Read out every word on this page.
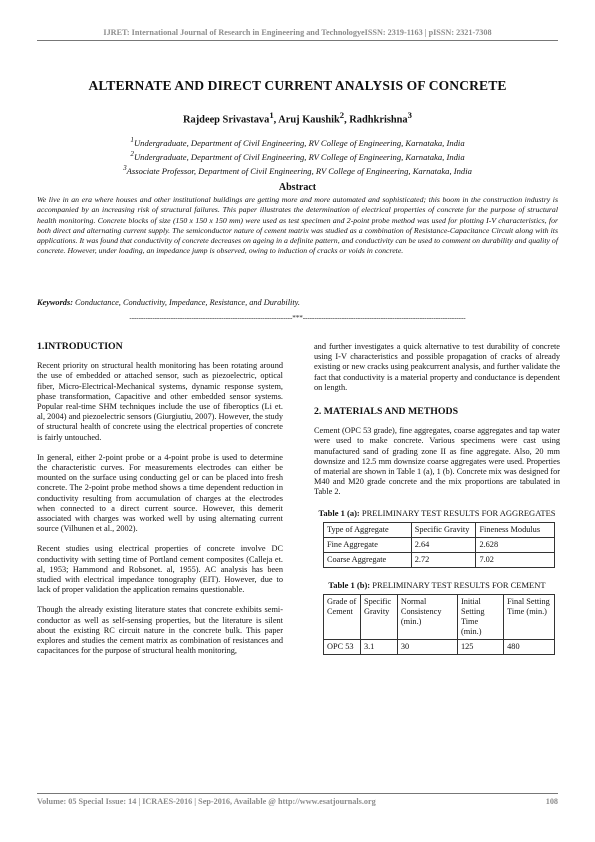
IJRET: International Journal of Research in Engineering and TechnologyeISSN: 2319-1163 | pISSN: 2321-7308
ALTERNATE AND DIRECT CURRENT ANALYSIS OF CONCRETE
Rajdeep Srivastava$^1$, Aruj Kaushik$^2$, Radhkrishna$^3$
$^1$Undergraduate, Department of Civil Engineering, RV College of Engineering, Karnataka, India
$^2$Undergraduate, Department of Civil Engineering, RV College of Engineering, Karnataka, India
$^3$Associate Professor, Department of Civil Engineering, RV College of Engineering, Karnataka, India
Abstract
We live in an era where houses and other institutional buildings are getting more and more automated and sophisticated; this boom in the construction industry is accompanied by an increasing risk of structural failures. This paper illustrates the determination of electrical properties of concrete for the purpose of structural health monitoring. Concrete blocks of size (150 x 150 x 150 mm) were used as test specimen and 2-point probe method was used for plotting I-V characteristics, for both direct and alternating current supply. The semiconductor nature of cement matrix was studied as a combination of Resistance-Capacitance Circuit along with its applications. It was found that conductivity of concrete decreases on ageing in a definite pattern, and conductivity can be used to comment on durability and quality of concrete. However, under loading, an impedance jump is observed, owing to induction of cracks or voids in concrete.
Keywords: Conductance, Conductivity, Impedance, Resistance, and Durability.
-----------------------------------------------------------------------***-----------------------------------------------------------------------
1.INTRODUCTION

Recent priority on structural health monitoring has been rotating around the use of embedded or attached sensor, such as piezoelectric, optical fiber, Micro-Electrical-Mechanical systems, dynamic response system, phase transformation, Capacitive and other embedded sensor systems. Popular real-time SHM techniques include the use of fiberoptics (Li et. al, 2004) and piezoelectric sensors (Giurgiutiu, 2007). However, the study of structural health of concrete using the electrical properties of concrete is fairly untouched.

In general, either 2-point probe or a 4-point probe is used to determine the characteristic curves. For measurements electrodes can either be mounted on the surface using conducting gel or can be placed into fresh concrete. The 2-point probe method shows a time dependent reduction in conductivity resulting from accumulation of charges at the electrodes when connected to a direct current source. However, this demerit associated with charges was worked well by using alternating current source (Vilhunen et al., 2002).

Recent studies using electrical properties of concrete involve DC conductivity with setting time of Portland cement composites (Calleja et. al, 1953; Hammond and Robsonet. al, 1955). AC analysis has been studied with electrical impedance tonography (EIT). However, due to lack of proper validation the application remains questionable.

Though the already existing literature states that concrete exhibits semi-conductor as well as self-sensing properties, but the literature is silent about the existing RC circuit nature in the concrete bulk. This paper explores and studies the cement matrix as combination of resistances and capacitances for the purpose of structural health monitoring,

and further investigates a quick alternative to test durability of concrete using I-V characteristics and possible propagation of cracks of already existing or new cracks using peakcurrent analysis, and further validate the fact that conductivity is a material property and conductance is dependent on length.

2. MATERIALS AND METHODS

Cement (OPC 53 grade), fine aggregates, coarse aggregates and tap water were used to make concrete. Various specimens were cast using manufactured sand of grading zone II as fine aggregate. Also, 20 mm downsize and 12.5 mm downsize coarse aggregates were used. Properties of material are shown in Table 1 (a), 1 (b). Concrete mix was designed for M40 and M20 grade concrete and the mix proportions are tabulated in Table 2.

Table 1 (a): PRELIMINARY TEST RESULTS FOR AGGREGATES
Type of Aggregate	Specific Gravity	Fineness Modulus
Fine Aggregate	2.64	2.628
Coarse Aggregate	2.72	7.02
Table 1 (b): PRELIMINARY TEST RESULTS FOR CEMENT
Grade of Cement	Specific Gravity	Normal Consistency (min.)	Initial Setting Time (min.)	Final Setting Time (min.)
OPC 53	3.1	30	125	480
Volume: 05 Special Issue: 14 | ICRAES-2016 | Sep-2016, Available @ http://www.esatjournals.org	108
